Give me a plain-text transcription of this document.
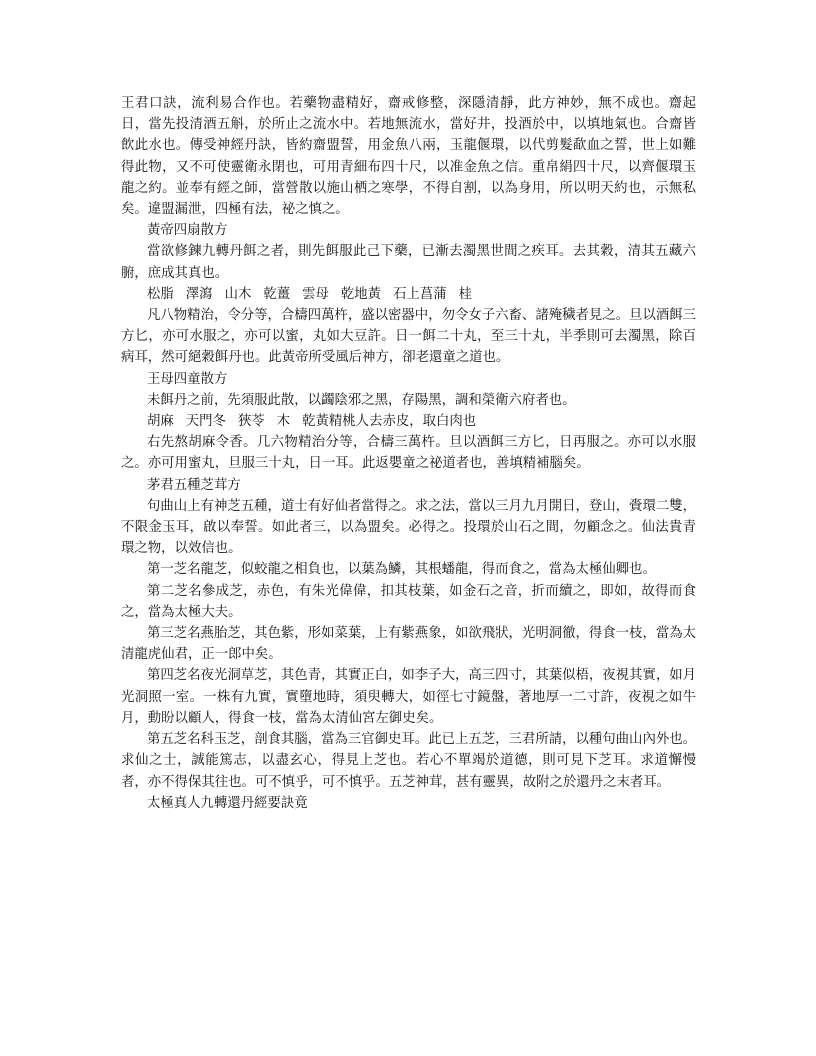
王君口訣，流利易合作也。若藥物盡精好，齋戒修整，深隱清靜，此方神妙，無不成也。齋起日，當先投清酒五斛，於所止之流水中。若地無流水，當好井，投酒於中，以填地氣也。合齋皆飲此水也。傳受神經丹訣，皆約齋盟誓，用金魚八兩，玉龍偃環，以代剪髮歃血之誓，世上如難得此物，又不可使靈衛永閉也，可用青細布四十尺，以准金魚之信。重帛絹四十尺，以齊偃環玉龍之約。並奉有經之師，當營散以施山栖之寒學，不得自割，以為身用，所以明天約也，示無私矣。違盟漏泄，四極有法，祕之慎之。

黃帝四扇散方

當欲修鍊九轉丹餌之者，則先餌服此己下藥，已漸去濁黑世間之疾耳。去其穀，清其五藏六腑，庶成其真也。

松脂 澤瀉 山木 乾薑 雲母 乾地黃 石上菖蒲 桂

凡八物精治，令分等，合檮四萬杵，盛以密器中，勿令女子六畜、諸殗穢者見之。旦以酒餌三方匕，亦可水服之，亦可以蜜，丸如大豆許。日一餌二十丸，至三十丸，半季則可去濁黑，除百病耳，然可絕穀餌丹也。此黃帝所受風后神方，卻老還童之道也。

王母四童散方

未餌丹之前，先須服此散，以蠲陰邪之黑，存陽黑，調和榮衛六府者也。

胡麻 天門冬 狹苓 木 乾黃精桃人去赤皮，取白肉也

右先熬胡麻令香。几六物精治分等，合檮三萬杵。旦以酒餌三方匕，日再服之。亦可以水服之。亦可用蜜丸，旦服三十丸，日一耳。此返嬰童之祕道者也，善填精補腦矣。

茅君五種芝茸方

句曲山上有神芝五種，道士有好仙者當得之。求之法，當以三月九月開日，登山，賫環二雙，不限金玉耳，啟以奉誓。如此者三，以為盟矣。必得之。投環於山石之間，勿顧念之。仙法貴青環之物，以效信也。

第一芝名龍芝，似蛟龍之相負也，以葉為鱗，其根蟠龍，得而食之，當為太極仙卿也。

第二芝名參成芝，赤色，有朱光偉偉，扣其枝葉，如金石之音，折而續之，即如，故得而食之，當為太極大夫。

第三芝名燕胎芝，其色紫，形如菜葉，上有紫燕象，如欲飛狀，光明洞徹，得食一枝，當為太清龍虎仙君，正一郎中矣。

第四芝名夜光洞草芝，其色青，其實正白，如李子大，高三四寸，其葉似梧，夜視其實，如月光洞照一室。一株有九實，實墮地時，須臾轉大，如徑七寸鏡盤，著地厚一二寸許，夜視之如牛月，動盼以顧人，得食一枝，當為太清仙宮左御史矣。

第五芝名科玉芝，剖食其腦，當為三官御史耳。此已上五芝，三君所請，以種句曲山內外也。求仙之士，誠能篤志，以盡玄心，得見上芝也。若心不單竭於道德，則可見下芝耳。求道懈慢者，亦不得保其往也。可不慎乎，可不慎乎。五芝神茸，甚有靈異，故附之於還丹之末者耳。

太極真人九轉還丹經要訣竟
